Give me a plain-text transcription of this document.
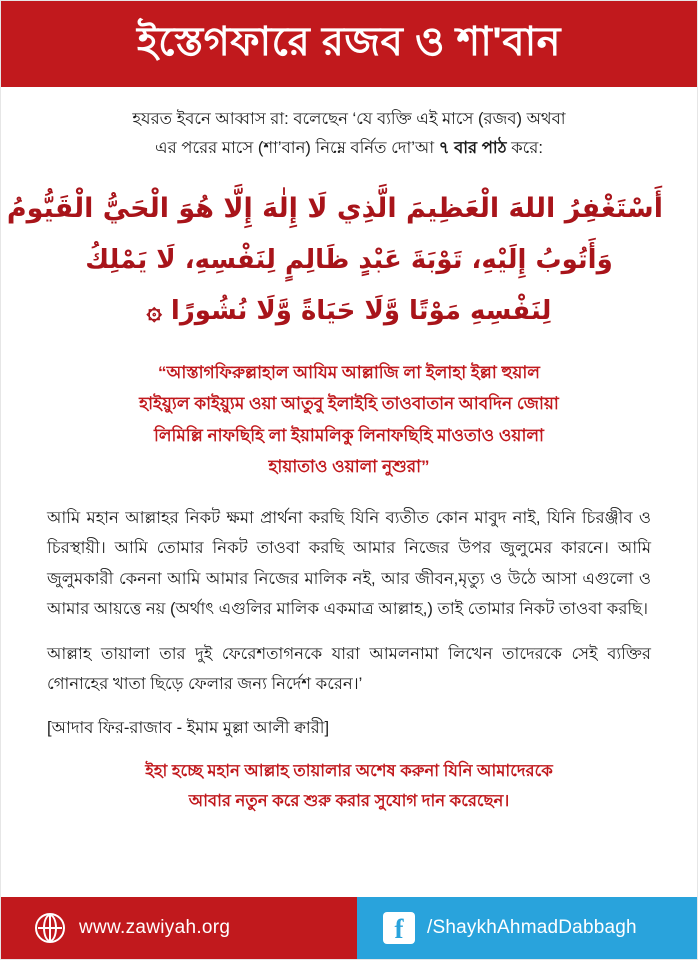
ইস্তেগফারে রজব ও শা'বান
হযরত ইবনে আব্বাস রা: বলেছেন ‘যে ব্যক্তি এই মাসে (রজব) অথবা
এর পরের মাসে (শা’বান) নিম্নে বর্নিত দো’আ ৭ বার পাঠ করে:
أَسْتَغْفِرُ اللهَ الْعَظِيمَ الَّذِي لَا إِلٰهَ إِلَّا هُوَ الْحَيُّ الْقَيُّومُ
وَأَتُوبُ إِلَيْهِ، تَوْبَةَ عَبْدٍ ظَالِمٍ لِنَفْسِهِ، لَا يَمْلِكُ
لِنَفْسِهِ مَوْتًا وَّلَا حَيَاةً وَّلَا نُشُورًا ۞
“আস্তাগফিরুল্লাহাল আযিম আল্লাজি লা ইলাহা ইল্লা হুয়াল
হাইয়্যুল কাইয়্যুম ওয়া আতুবু ইলাইহি তাওবাতান আবদিন জোয়া
লিমিল্লি নাফছিহি লা ইয়ামলিকু লিনাফছিহি মাওতাও ওয়ালা
হায়াতাও ওয়ালা নুশুরা”
আমি মহান আল্লাহর নিকট ক্ষমা প্রার্থনা করছি যিনি ব্যতীত কোন মাবুদ নাই, যিনি চিরঞ্জীব ও চিরস্থায়ী। আমি তোমার নিকট তাওবা করছি আমার নিজের উপর জুলুমের কারনে। আমি জুলুমকারী কেননা আমি আমার নিজের মালিক নই, আর জীবন,মৃত্যু ও উঠে আসা এগুলো ও আমার আয়ত্তে নয় (অর্থাৎ এগুলির মালিক একমাত্র আল্লাহ,) তাই তোমার নিকট তাওবা করছি।
আল্লাহ তায়ালা তার দুই ফেরেশতাগনকে যারা আমলনামা লিখেন তাদেরকে সেই ব্যক্তির গোনাহের খাতা ছিড়ে ফেলার জন্য নির্দেশ করেন।’
[আদাব ফির-রাজাব - ইমাম মুল্লা আলী ক্বারী]
ইহা হচ্ছে মহান আল্লাহ তায়ালার অশেষ করুনা যিনি আমাদেরকে
আবার নতুন করে শুরু করার সুযোগ দান করেছেন।
www.zawiyah.org	f	/ShaykhAhmadDabbagh
